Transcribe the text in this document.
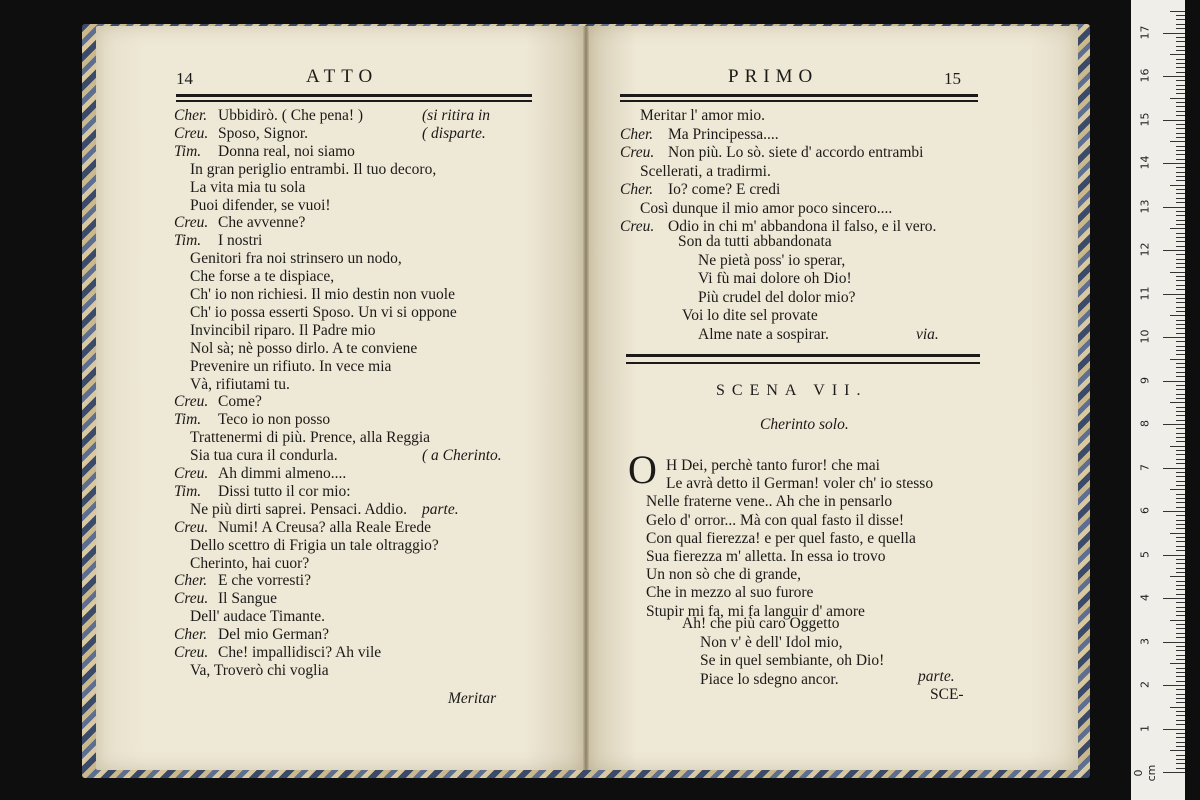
14	ATTO
Cher. Ubbidirò. ( Che pena! )	(si ritira in
Creu. Sposo, Signor.	( disparte.
Tim. Donna real, noi siamo
In gran periglio entrambi. Il tuo decoro,
La vita mia tu sola
Puoi difender, se vuoi!
Creu. Che avvenne?
Tim. I nostri
Genitori fra noi strinsero un nodo,
Che forse a te dispiace,
Ch' io non richiesi. Il mio destin non vuole
Ch' io possa esserti Sposo. Un vi si oppone
Invincibil riparo. Il Padre mio
Nol sà; nè posso dirlo. A te conviene
Prevenire un rifiuto. In vece mia
Và, rifiutami tu.
Creu. Come?
Tim. Teco io non posso
Trattenermi di più. Prence, alla Reggia
Sia tua cura il condurla.	( a Cherinto.
Creu. Ah dimmi almeno....
Tim. Dissi tutto il cor mio:
Ne più dirti saprei. Pensaci. Addio. parte.
Creu. Numi! A Creusa? alla Reale Erede
Dello scettro di Frigia un tale oltraggio?
Cherinto, hai cuor?
Cher. E che vorresti?
Creu. Il Sangue
Dell' audace Timante.
Cher. Del mio German?
Creu. Che! impallidisci? Ah vile
Va, Troverò chi voglia
Meritar
PRIMO	15
Meritar l' amor mio.
Cher. Ma Principessa....
Creu. Non più. Lo sò. siete d' accordo entrambi
Scellerati, a tradirmi.
Cher. Io? come? E credi
Così dunque il mio amor poco sincero....
Creu. Odio in chi m' abbandona il falso, e il vero.
Son da tutti abbandonata
Ne pietà poss' io sperar,
Vi fù mai dolore oh Dio!
Più crudel del dolor mio?
Voi lo dite sel provate
Alme nate a sospirar.
H Dei, perchè tanto furor! che mai
Le avrà detto il German! voler ch' io stesso
Nelle fraterne vene.. Ah che in pensarlo
Gelo d' orror... Mà con qual fasto il disse!
Con qual fierezza! e per quel fasto, e quella
Sua fierezza m' alletta. In essa io trovo
Un non sò che di grande,
Che in mezzo al suo furore
Stupir mi fa, mi fa languir d' amore
Ah! che più caro Oggetto
Non v' è dell' Idol mio,
Se in quel sembiante, oh Dio!
Piace lo sdegno ancor.
via.
SCENA VII.
Cherinto solo.
O
parte.
SCE-
0 cm
1
2
3
4
5
6
7
8
9
10
11
12
13
14
15
16
17
